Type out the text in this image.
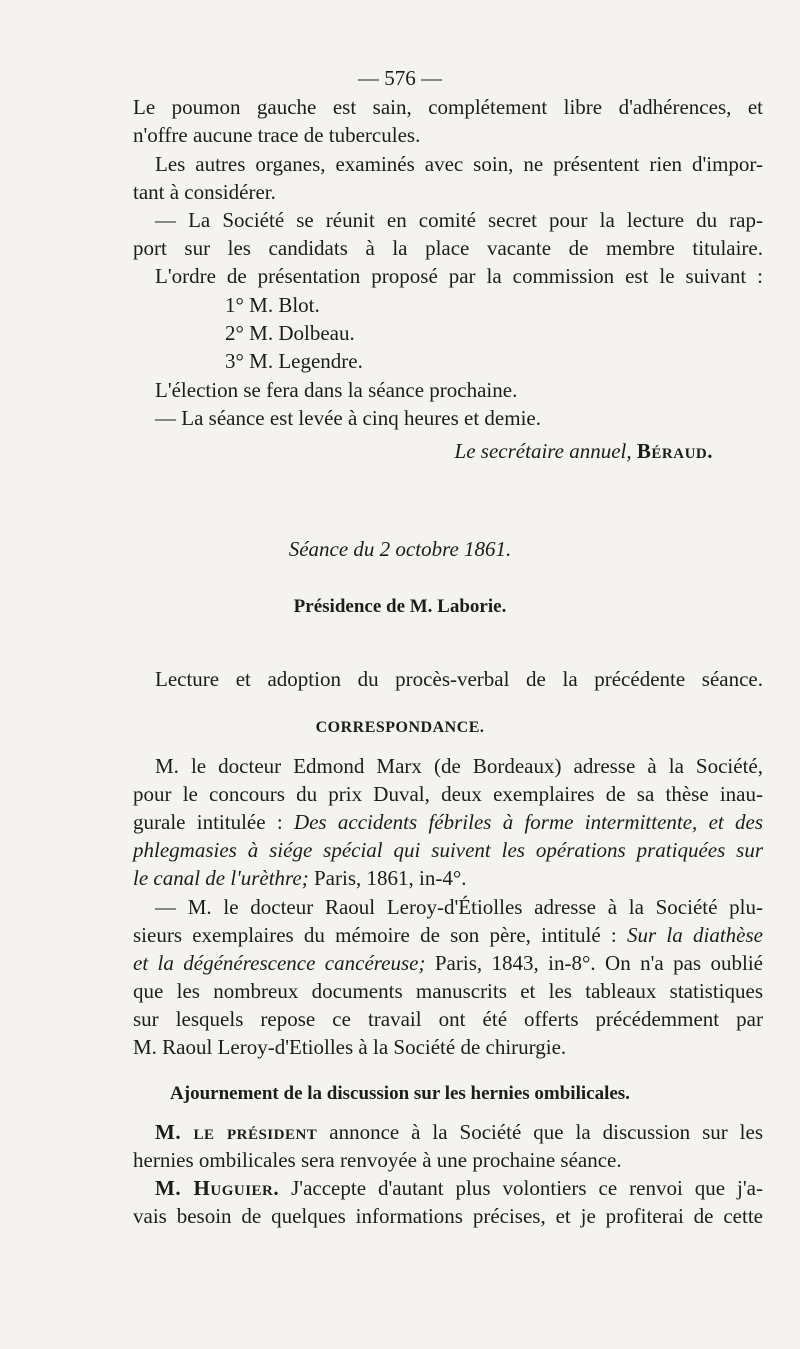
— 576 —
Le poumon gauche est sain, complétement libre d'adhérences, et
n'offre aucune trace de tubercules.
Les autres organes, examinés avec soin, ne présentent rien d'impor-
tant à considérer.
— La Société se réunit en comité secret pour la lecture du rap-
port sur les candidats à la place vacante de membre titulaire.
L'ordre de présentation proposé par la commission est le suivant :
1° M. Blot.
2° M. Dolbeau.
3° M. Legendre.
L'élection se fera dans la séance prochaine.
— La séance est levée à cinq heures et demie.
Le secrétaire annuel, Béraud.
Séance du 2 octobre 1861.
Présidence de M. Laborie.
Lecture et adoption du procès-verbal de la précédente séance.
CORRESPONDANCE.
M. le docteur Edmond Marx (de Bordeaux) adresse à la Société,
pour le concours du prix Duval, deux exemplaires de sa thèse inau-
gurale intitulée : Des accidents fébriles à forme intermittente, et des
phlegmasies à siége spécial qui suivent les opérations pratiquées sur
le canal de l'urèthre; Paris, 1861, in-4°.
— M. le docteur Raoul Leroy-d'Étiolles adresse à la Société plu-
sieurs exemplaires du mémoire de son père, intitulé : Sur la diathèse
et la dégénérescence cancéreuse; Paris, 1843, in-8°. On n'a pas oublié
que les nombreux documents manuscrits et les tableaux statistiques
sur lesquels repose ce travail ont été offerts précédemment par
M. Raoul Leroy-d'Etiolles à la Société de chirurgie.
Ajournement de la discussion sur les hernies ombilicales.
M. le président annonce à la Société que la discussion sur les
hernies ombilicales sera renvoyée à une prochaine séance.
M. Huguier. J'accepte d'autant plus volontiers ce renvoi que j'a-
vais besoin de quelques informations précises, et je profiterai de cette
